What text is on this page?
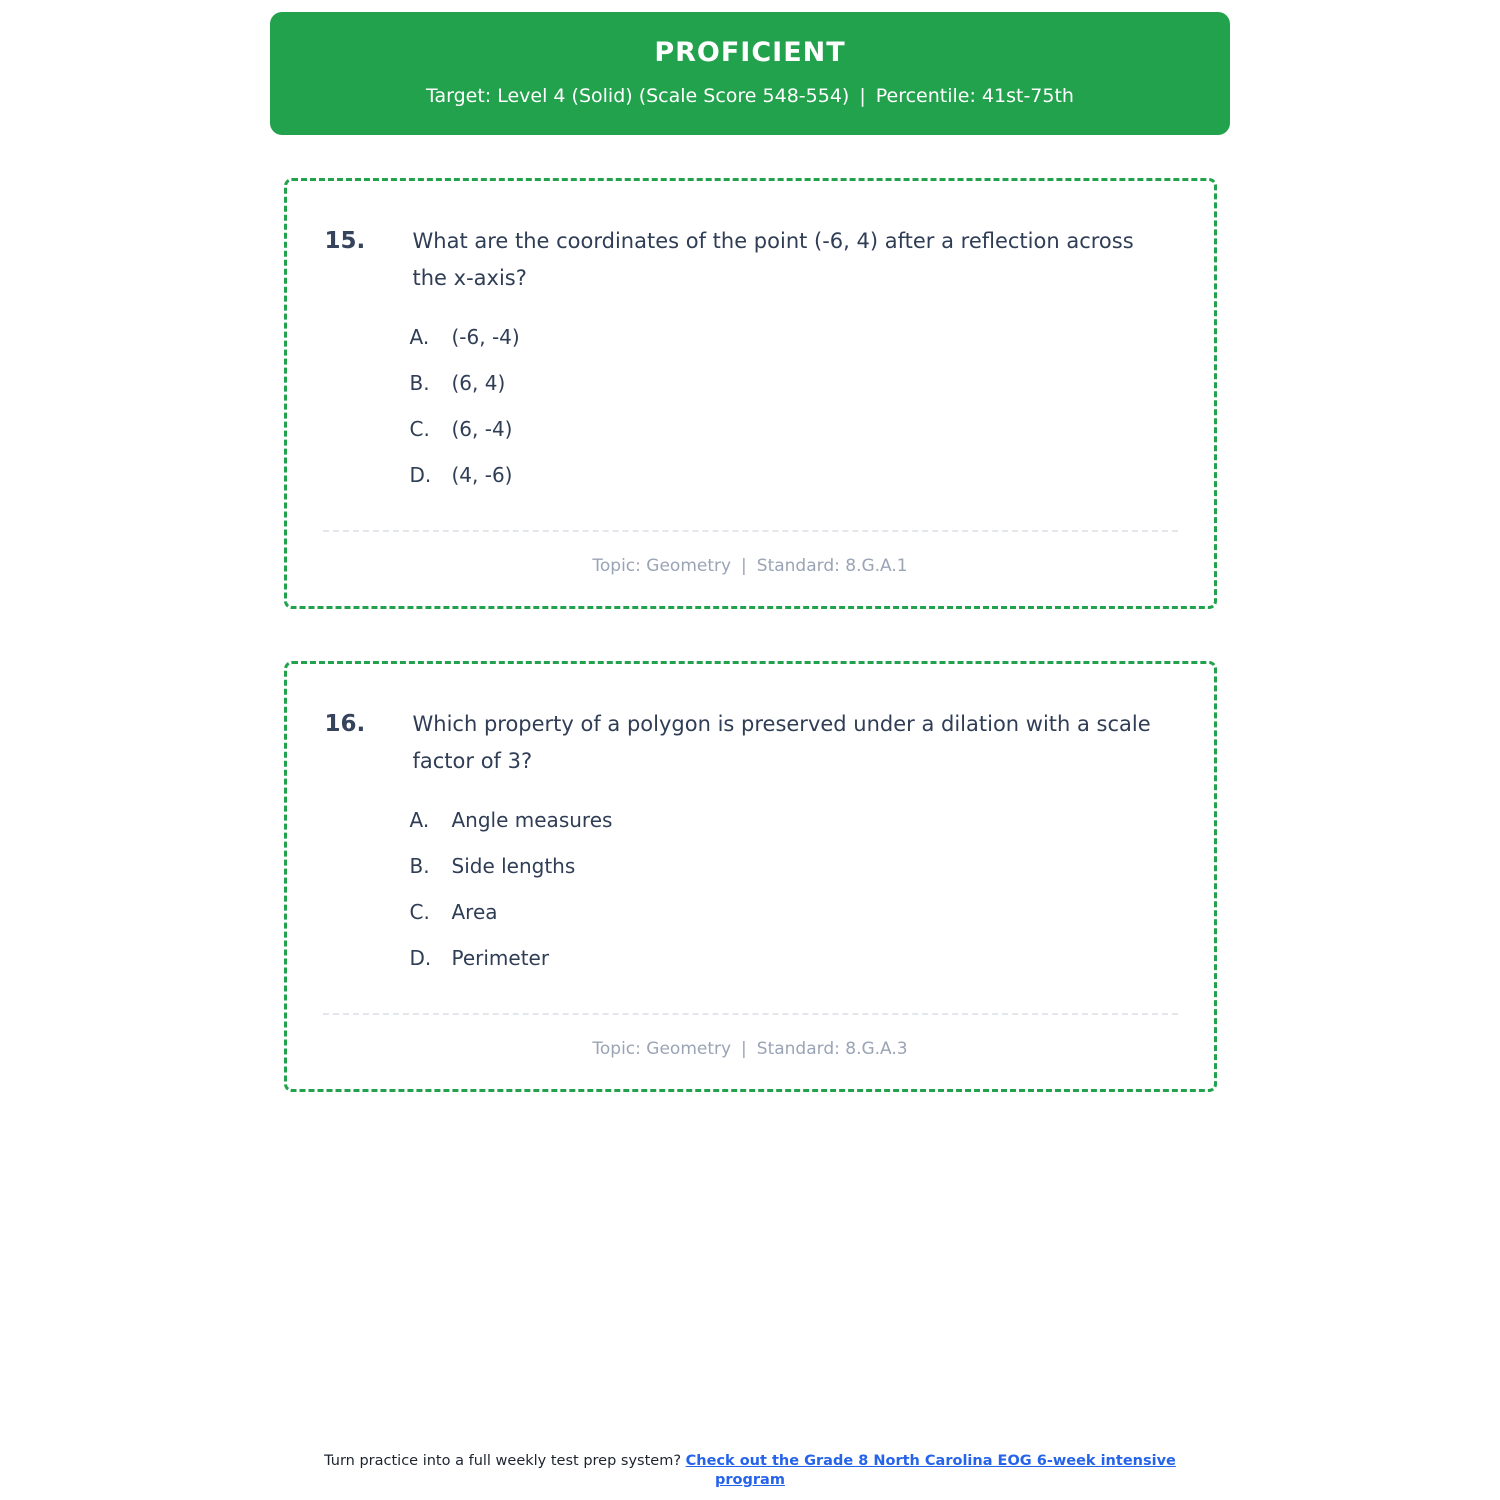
PROFICIENT
Target: Level 4 (Solid) (Scale Score 548-554) | Percentile: 41st-75th
15.	What are the coordinates of the point (-6, 4) after a reflection across the x-axis?
A.	(-6, -4)
B.	(6, 4)
C.	(6, -4)
D.	(4, -6)
Topic: Geometry | Standard: 8.G.A.1
16.	Which property of a polygon is preserved under a dilation with a scale factor of 3?
A.	Angle measures
B.	Side lengths
C.	Area
D.	Perimeter
Topic: Geometry | Standard: 8.G.A.3
Turn practice into a full weekly test prep system? Check out the Grade 8 North Carolina EOG 6-week intensive program
